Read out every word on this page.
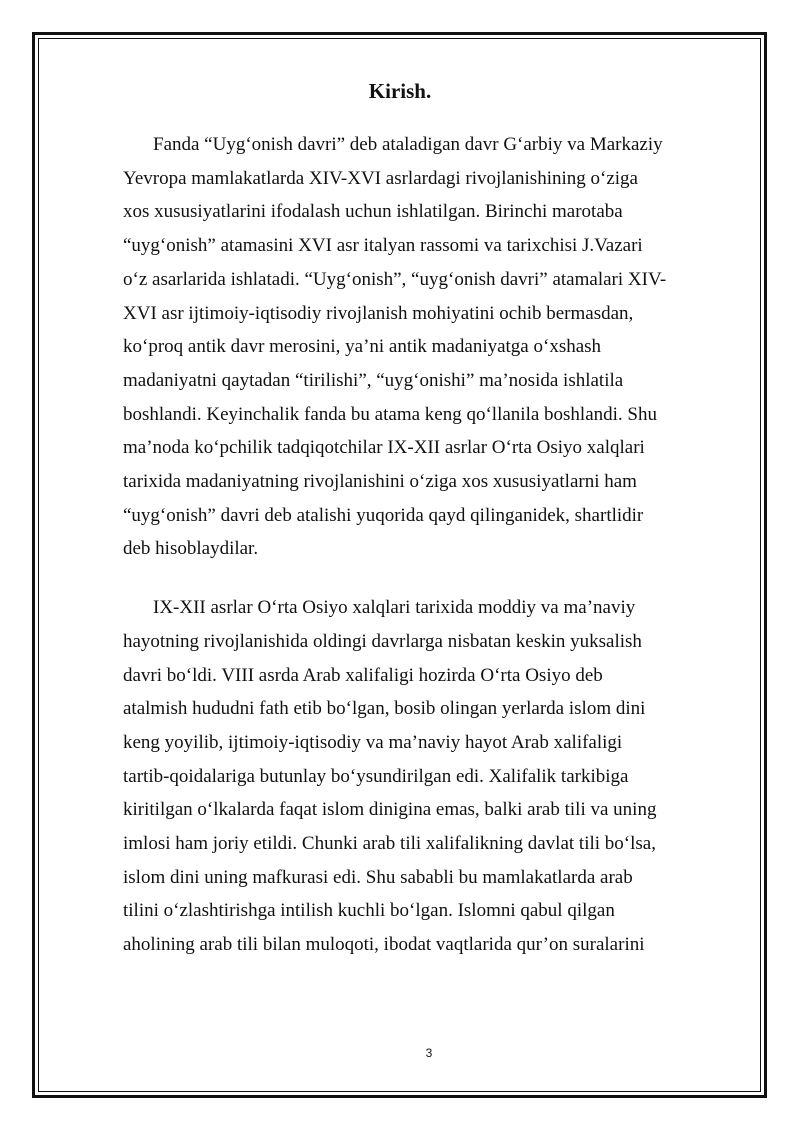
Kirish.

Fanda “Uyg‘onish davri” deb ataladigan davr G‘arbiy va Markaziy
Yevropa mamlakatlarda XIV-XVI asrlardagi rivojlanishining o‘ziga
xos xususiyatlarini ifodalash uchun ishlatilgan. Birinchi marotaba
“uyg‘onish” atamasini XVI asr italyan rassomi va tarixchisi J.Vazari
o‘z asarlarida ishlatadi. “Uyg‘onish”, “uyg‘onish davri” atamalari XIV-
XVI asr ijtimoiy-iqtisodiy rivojlanish mohiyatini ochib bermasdan,
ko‘proq antik davr merosini, ya’ni antik madaniyatga o‘xshash
madaniyatni qaytadan “tirilishi”, “uyg‘onishi” ma’nosida ishlatila
boshlandi. Keyinchalik fanda bu atama keng qo‘llanila boshlandi. Shu
ma’noda ko‘pchilik tadqiqotchilar IX-XII asrlar O‘rta Osiyo xalqlari
tarixida madaniyatning rivojlanishini o‘ziga xos xususiyatlarni ham
“uyg‘onish” davri deb atalishi yuqorida qayd qilinganidek, shartlidir
deb hisoblaydilar.

IX-XII asrlar O‘rta Osiyo xalqlari tarixida moddiy va ma’naviy
hayotning rivojlanishida oldingi davrlarga nisbatan keskin yuksalish
davri bo‘ldi. VIII asrda Arab xalifaligi hozirda O‘rta Osiyo deb
atalmish hududni fath etib bo‘lgan, bosib olingan yerlarda islom dini
keng yoyilib, ijtimoiy-iqtisodiy va ma’naviy hayot Arab xalifaligi
tartib-qoidalariga butunlay bo‘ysundirilgan edi. Xalifalik tarkibiga
kiritilgan o‘lkalarda faqat islom dinigina emas, balki arab tili va uning
imlosi ham joriy etildi. Chunki arab tili xalifalikning davlat tili bo‘lsa,
islom dini uning mafkurasi edi. Shu sababli bu mamlakatlarda arab
tilini o‘zlashtirishga intilish kuchli bo‘lgan. Islomni qabul qilgan
aholining arab tili bilan muloqoti, ibodat vaqtlarida qur’on suralarini

3
